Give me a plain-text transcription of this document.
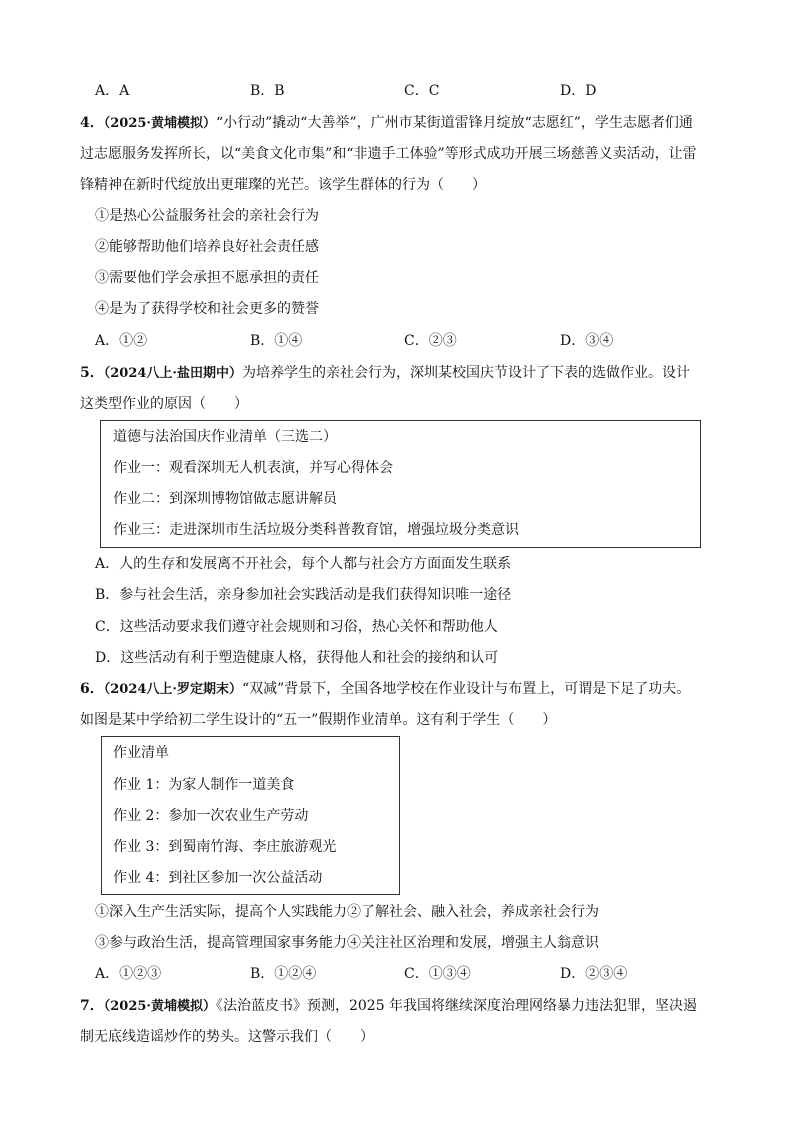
A．A	B．B	C．C	D．D
4．（2025·黄埔模拟）“小行动”撬动“大善举”，广州市某街道雷锋月绽放“志愿红”，学生志愿者们通
过志愿服务发挥所长，以“美食文化市集”和“非遗手工体验”等形式成功开展三场慈善义卖活动，让雷
锋精神在新时代绽放出更璀璨的光芒。该学生群体的行为（　　）
①是热心公益服务社会的亲社会行为
②能够帮助他们培养良好社会责任感
③需要他们学会承担不愿承担的责任
④是为了获得学校和社会更多的赞誉
A．①②	B．①④	C．②③	D．③④
5．（2024八上·盐田期中）为培养学生的亲社会行为，深圳某校国庆节设计了下表的选做作业。设计
这类型作业的原因（　　）
道德与法治国庆作业清单（三选二）
作业一：观看深圳无人机表演，并写心得体会
作业二：到深圳博物馆做志愿讲解员
作业三：走进深圳市生活垃圾分类科普教育馆，增强垃圾分类意识
A．人的生存和发展离不开社会，每个人都与社会方方面面发生联系
B．参与社会生活，亲身参加社会实践活动是我们获得知识唯一途径
C．这些活动要求我们遵守社会规则和习俗，热心关怀和帮助他人
D．这些活动有利于塑造健康人格，获得他人和社会的接纳和认可
6．（2024八上·罗定期末）“双减”背景下，全国各地学校在作业设计与布置上，可谓是下足了功夫。
如图是某中学给初二学生设计的“五一”假期作业清单。这有利于学生（　　）
作业清单
作业 1：为家人制作一道美食
作业 2：参加一次农业生产劳动
作业 3：到蜀南竹海、李庄旅游观光
作业 4：到社区参加一次公益活动
①深入生产生活实际，提高个人实践能力②了解社会、融入社会，养成亲社会行为
③参与政治生活，提高管理国家事务能力④关注社区治理和发展，增强主人翁意识
A．①②③	B．①②④	C．①③④	D．②③④
7．（2025·黄埔模拟）《法治蓝皮书》预测，2025 年我国将继续深度治理网络暴力违法犯罪，坚决遏
制无底线造谣炒作的势头。这警示我们（　　）
